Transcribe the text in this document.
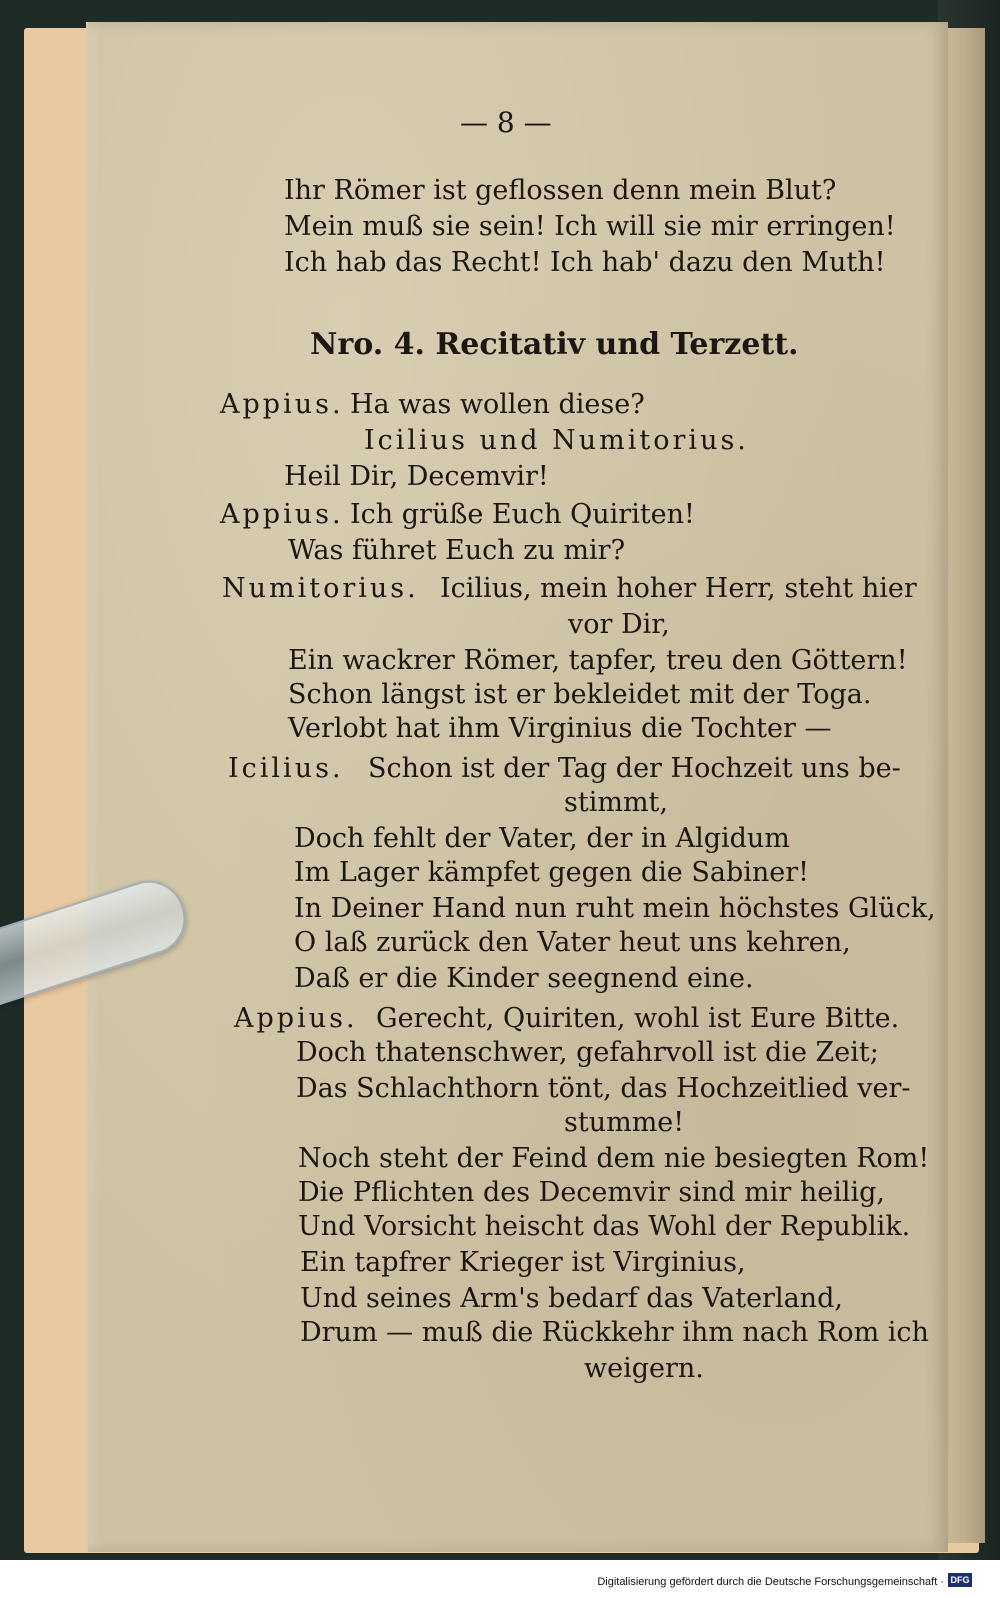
— 8 —
Ihr Römer ist geflossen denn mein Blut?
Mein muß sie sein! Ich will sie mir erringen!
Ich hab das Recht! Ich hab' dazu den Muth!
Nro. 4. Recitativ und Terzett.
Appius. Ha was wollen diese?
Icilius und Numitorius.
Heil Dir, Decemvir!
Appius. Ich grüße Euch Quiriten!
Was führet Euch zu mir?
Numitorius. Icilius, mein hoher Herr, steht hier
vor Dir,
Ein wackrer Römer, tapfer, treu den Göttern!
Schon längst ist er bekleidet mit der Toga.
Verlobt hat ihm Virginius die Tochter —
Icilius. Schon ist der Tag der Hochzeit uns be-
stimmt,
Doch fehlt der Vater, der in Algidum
Im Lager kämpfet gegen die Sabiner!
In Deiner Hand nun ruht mein höchstes Glück,
O laß zurück den Vater heut uns kehren,
Daß er die Kinder seegnend eine.
Appius. Gerecht, Quiriten, wohl ist Eure Bitte.
Doch thatenschwer, gefahrvoll ist die Zeit;
Das Schlachthorn tönt, das Hochzeitlied ver-
stumme!
Noch steht der Feind dem nie besiegten Rom!
Die Pflichten des Decemvir sind mir heilig,
Und Vorsicht heischt das Wohl der Republik.
Ein tapfrer Krieger ist Virginius,
Und seines Arm's bedarf das Vaterland,
Drum — muß die Rückkehr ihm nach Rom ich
weigern.
Digitalisierung gefördert durch die Deutsche Forschungsgemeinschaft · DFG
